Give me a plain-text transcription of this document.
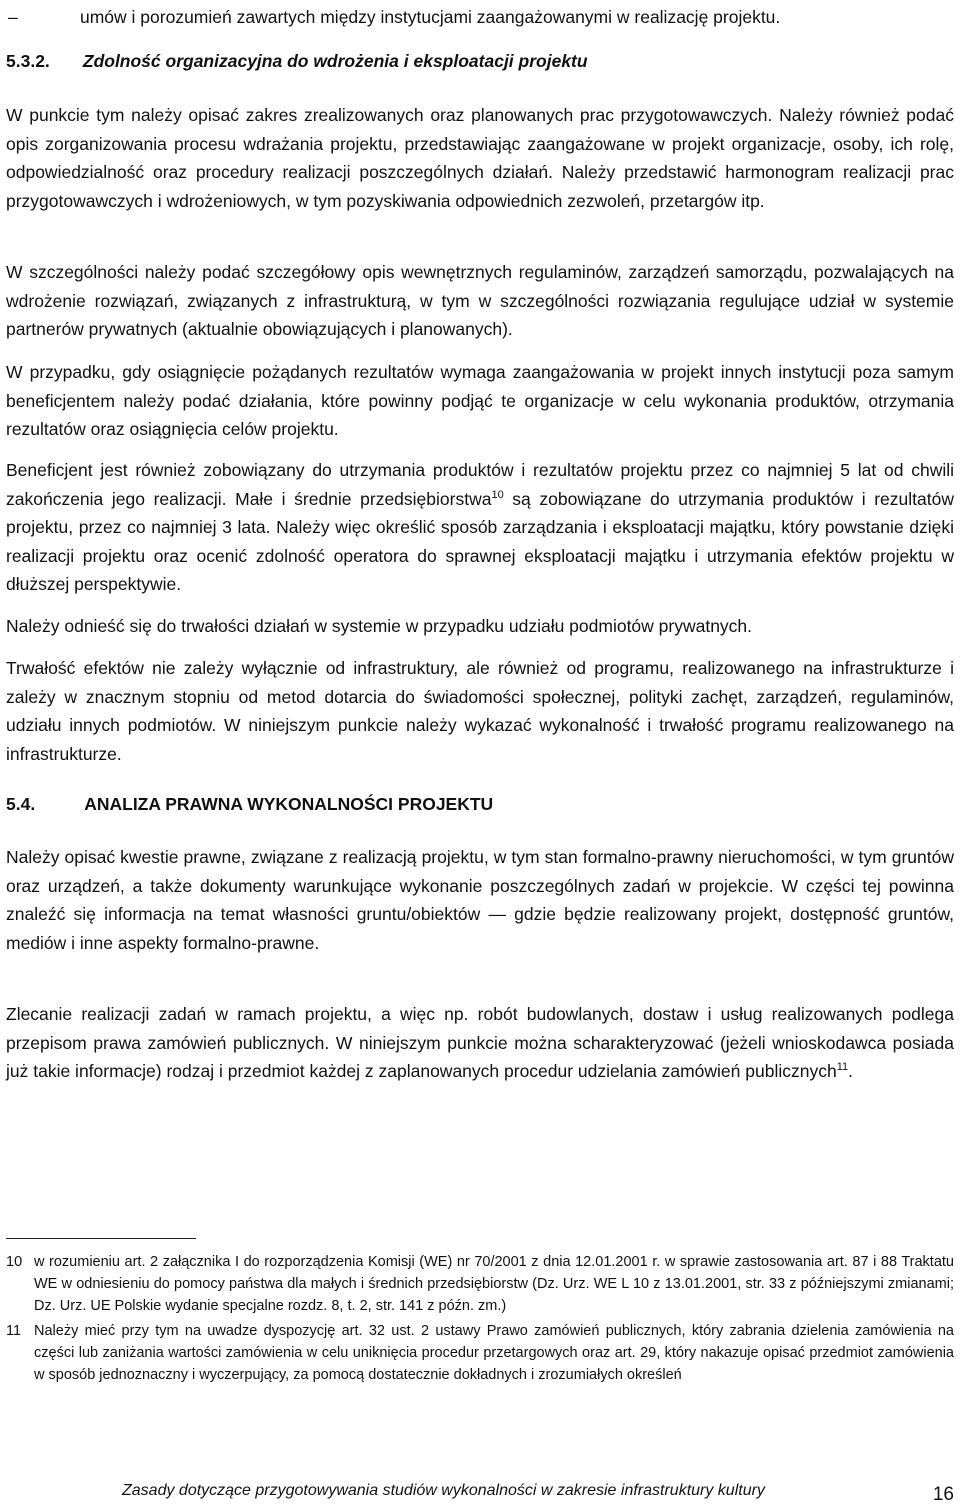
–	umów i porozumień zawartych między instytucjami zaangażowanymi w realizację projektu.
5.3.2. Zdolność organizacyjna do wdrożenia i eksploatacji projektu

W punkcie tym należy opisać zakres zrealizowanych oraz planowanych prac przygotowawczych. Należy również podać opis zorganizowania procesu wdrażania projektu, przedstawiając zaangażowane w projekt organizacje, osoby, ich rolę, odpowiedzialność oraz procedury realizacji poszczególnych działań. Należy przedstawić harmonogram realizacji prac przygotowawczych i wdrożeniowych, w tym pozyskiwania odpowiednich zezwoleń, przetargów itp.

W szczególności należy podać szczegółowy opis wewnętrznych regulaminów, zarządzeń samorządu, pozwalających na wdrożenie rozwiązań, związanych z infrastrukturą, w tym w szczególności rozwiązania regulujące udział w systemie partnerów prywatnych (aktualnie obowiązujących i planowanych).

W przypadku, gdy osiągnięcie pożądanych rezultatów wymaga zaangażowania w projekt innych instytucji poza samym beneficjentem należy podać działania, które powinny podjąć te organizacje w celu wykonania produktów, otrzymania rezultatów oraz osiągnięcia celów projektu.

Beneficjent jest również zobowiązany do utrzymania produktów i rezultatów projektu przez co najmniej 5 lat od chwili zakończenia jego realizacji. Małe i średnie przedsiębiorstwa$^{10}$ są zobowiązane do utrzymania produktów i rezultatów projektu, przez co najmniej 3 lata. Należy więc określić sposób zarządzania i eksploatacji majątku, który powstanie dzięki realizacji projektu oraz ocenić zdolność operatora do sprawnej eksploatacji majątku i utrzymania efektów projektu w dłuższej perspektywie.

Należy odnieść się do trwałości działań w systemie w przypadku udziału podmiotów prywatnych.

Trwałość efektów nie zależy wyłącznie od infrastruktury, ale również od programu, realizowanego na infrastrukturze i zależy w znacznym stopniu od metod dotarcia do świadomości społecznej, polityki zachęt, zarządzeń, regulaminów, udziału innych podmiotów. W niniejszym punkcie należy wykazać wykonalność i trwałość programu realizowanego na infrastrukturze.

5.4.	ANALIZA PRAWNA WYKONALNOŚCI PROJEKTU

Należy opisać kwestie prawne, związane z realizacją projektu, w tym stan formalno-prawny nieruchomości, w tym gruntów oraz urządzeń, a także dokumenty warunkujące wykonanie poszczególnych zadań w projekcie. W części tej powinna znaleźć się informacja na temat własności gruntu/obiektów — gdzie będzie realizowany projekt, dostępność gruntów, mediów i inne aspekty formalno-prawne.

Zlecanie realizacji zadań w ramach projektu, a więc np. robót budowlanych, dostaw i usług realizowanych podlega przepisom prawa zamówień publicznych. W niniejszym punkcie można scharakteryzować (jeżeli wnioskodawca posiada już takie informacje) rodzaj i przedmiot każdej z zaplanowanych procedur udzielania zamówień publicznych$^{11}$.

10 w rozumieniu art. 2 załącznika I do rozporządzenia Komisji (WE) nr 70/2001 z dnia 12.01.2001 r. w sprawie zastosowania art. 87 i 88 Traktatu WE w odniesieniu do pomocy państwa dla małych i średnich przedsiębiorstw (Dz. Urz. WE L 10 z 13.01.2001, str. 33 z późniejszymi zmianami; Dz. Urz. UE Polskie wydanie specjalne rozdz. 8, t. 2, str. 141 z późn. zm.)
11 Należy mieć przy tym na uwadze dyspozycję art. 32 ust. 2 ustawy Prawo zamówień publicznych, który zabrania dzielenia zamówienia na części lub zaniżania wartości zamówienia w celu uniknięcia procedur przetargowych oraz art. 29, który nakazuje opisać przedmiot zamówienia w sposób jednoznaczny i wyczerpujący, za pomocą dostatecznie dokładnych i zrozumiałych określeń
Zasady dotyczące przygotowywania studiów wykonalności w zakresie infrastruktury kultury	16
